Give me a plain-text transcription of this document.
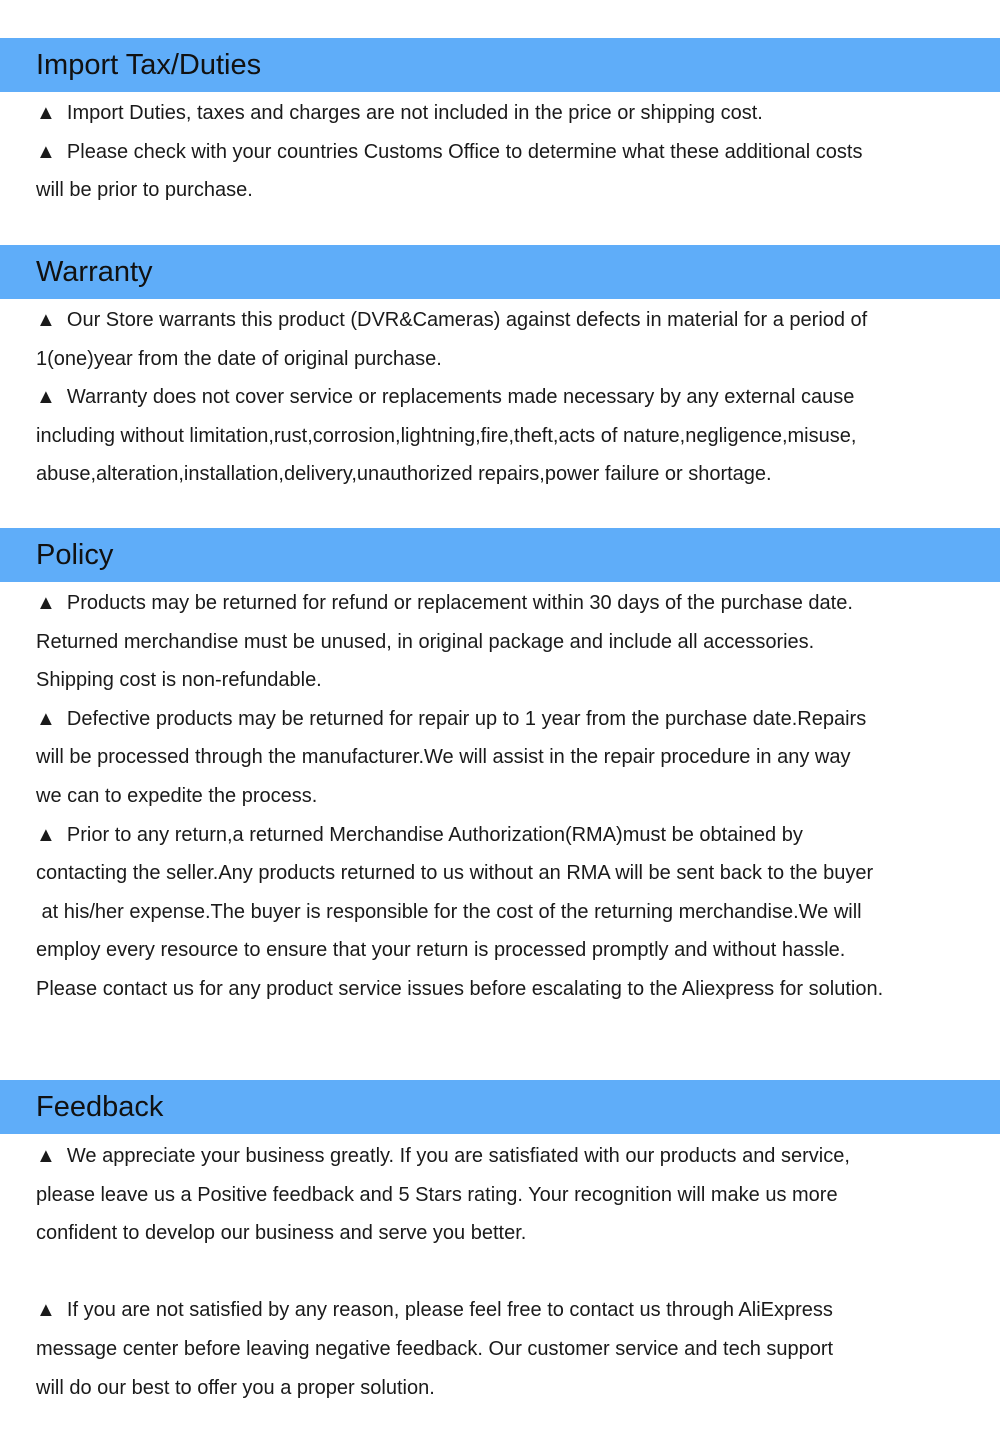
Import Tax/Duties
▲  Import Duties, taxes and charges are not included in the price or shipping cost.
▲  Please check with your countries Customs Office to determine what these additional costs
will be prior to purchase.
Warranty
▲  Our Store warrants this product (DVR&Cameras) against defects in material for a period of
1(one)year from the date of original purchase.
▲  Warranty does not cover service or replacements made necessary by any external cause
including without limitation,rust,corrosion,lightning,fire,theft,acts of nature,negligence,misuse,
abuse,alteration,installation,delivery,unauthorized repairs,power failure or shortage.
Policy
▲  Products may be returned for refund or replacement within 30 days of the purchase date.
Returned merchandise must be unused, in original package and include all accessories.
Shipping cost is non-refundable.
▲  Defective products may be returned for repair up to 1 year from the purchase date.Repairs
will be processed through the manufacturer.We will assist in the repair procedure in any way
we can to expedite the process.
▲  Prior to any return,a returned Merchandise Authorization(RMA)must be obtained by
contacting the seller.Any products returned to us without an RMA will be sent back to the buyer
at his/her expense.The buyer is responsible for the cost of the returning merchandise.We will
employ every resource to ensure that your return is processed promptly and without hassle.
Please contact us for any product service issues before escalating to the Aliexpress for solution.
Feedback
▲  We appreciate your business greatly. If you are satisfiated with our products and service,
please leave us a Positive feedback and 5 Stars rating. Your recognition will make us more
confident to develop our business and serve you better.
▲  If you are not satisfied by any reason, please feel free to contact us through AliExpress
message center before leaving negative feedback. Our customer service and tech support
will do our best to offer you a proper solution.
